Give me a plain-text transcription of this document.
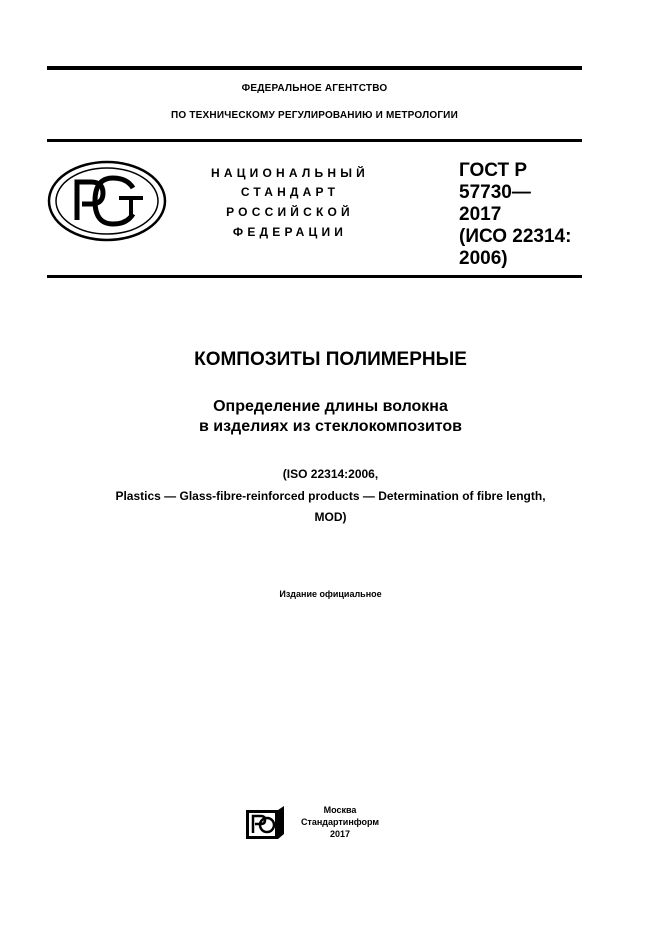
ФЕДЕРАЛЬНОЕ АГЕНТСТВО
ПО ТЕХНИЧЕСКОМУ РЕГУЛИРОВАНИЮ И МЕТРОЛОГИИ
НАЦИОНАЛЬНЫЙ
СТАНДАРТ
РОССИЙСКОЙ
ФЕДЕРАЦИИ
ГОСТ Р
57730—
2017
(ИСО 22314:
2006)
КОМПОЗИТЫ ПОЛИМЕРНЫЕ
Определение длины волокна
в изделиях из стеклокомпозитов
(ISO 22314:2006,
Plastics — Glass-fibre-reinforced products — Determination of fibre length,
MOD)
Издание официальное
Москва
Стандартинформ
2017
